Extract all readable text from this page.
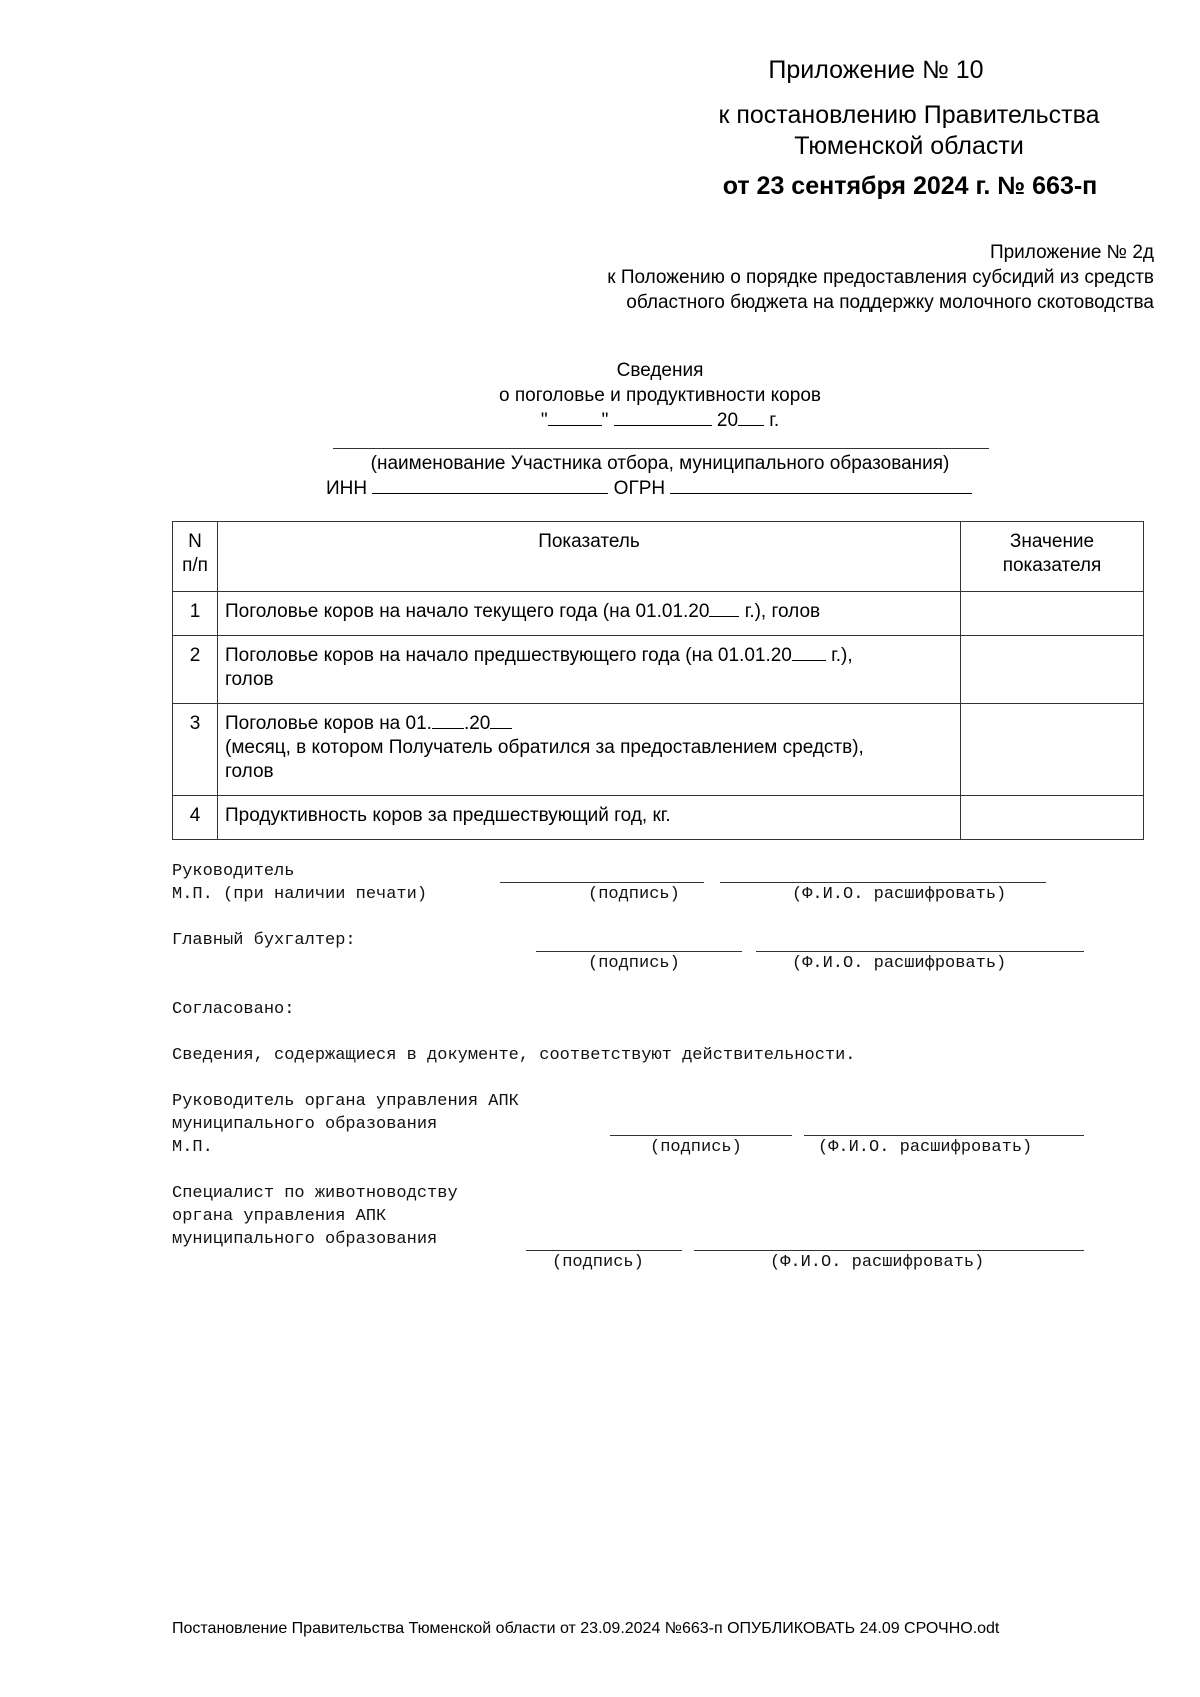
Приложение № 10
к постановлению Правительства
Тюменской области
от 23 сентября 2024 г. № 663-п
Приложение № 2д
к Положению о порядке предоставления субсидий из средств
областного бюджета на поддержку молочного скотоводства
Сведения
о поголовье и продуктивности коров
"	"	20 г.
(наименование Участника отбора, муниципального образования)
ИНН	ОГРН
N п/п	Показатель	Значение показателя

1	Поголовье коров на начало текущего года (на 01.01.20 г.), голов	
2	Поголовье коров на начало предшествующего года (на 01.01.20 г.),
голов	
3	Поголовье коров на 01. .20
(месяц, в котором Получатель обратился за предоставлением средств),
голов	
4	Продуктивность коров за предшествующий год, кг.	
Руководитель
М.П. (при наличии печати)	(подпись)	(Ф.И.О. расшифровать)
Главный бухгалтер:
(подпись)	(Ф.И.О. расшифровать)
Согласовано:
Сведения, содержащиеся в документе, соответствуют действительности.
Руководитель органа управления АПК
муниципального образования
М.П.	(подпись)	(Ф.И.О. расшифровать)
Специалист по животноводству
органа управления АПК
муниципального образования
(подпись)	(Ф.И.О. расшифровать)
Постановление Правительства Тюменской области от 23.09.2024 №663-п ОПУБЛИКОВАТЬ 24.09 СРОЧНО.odt
